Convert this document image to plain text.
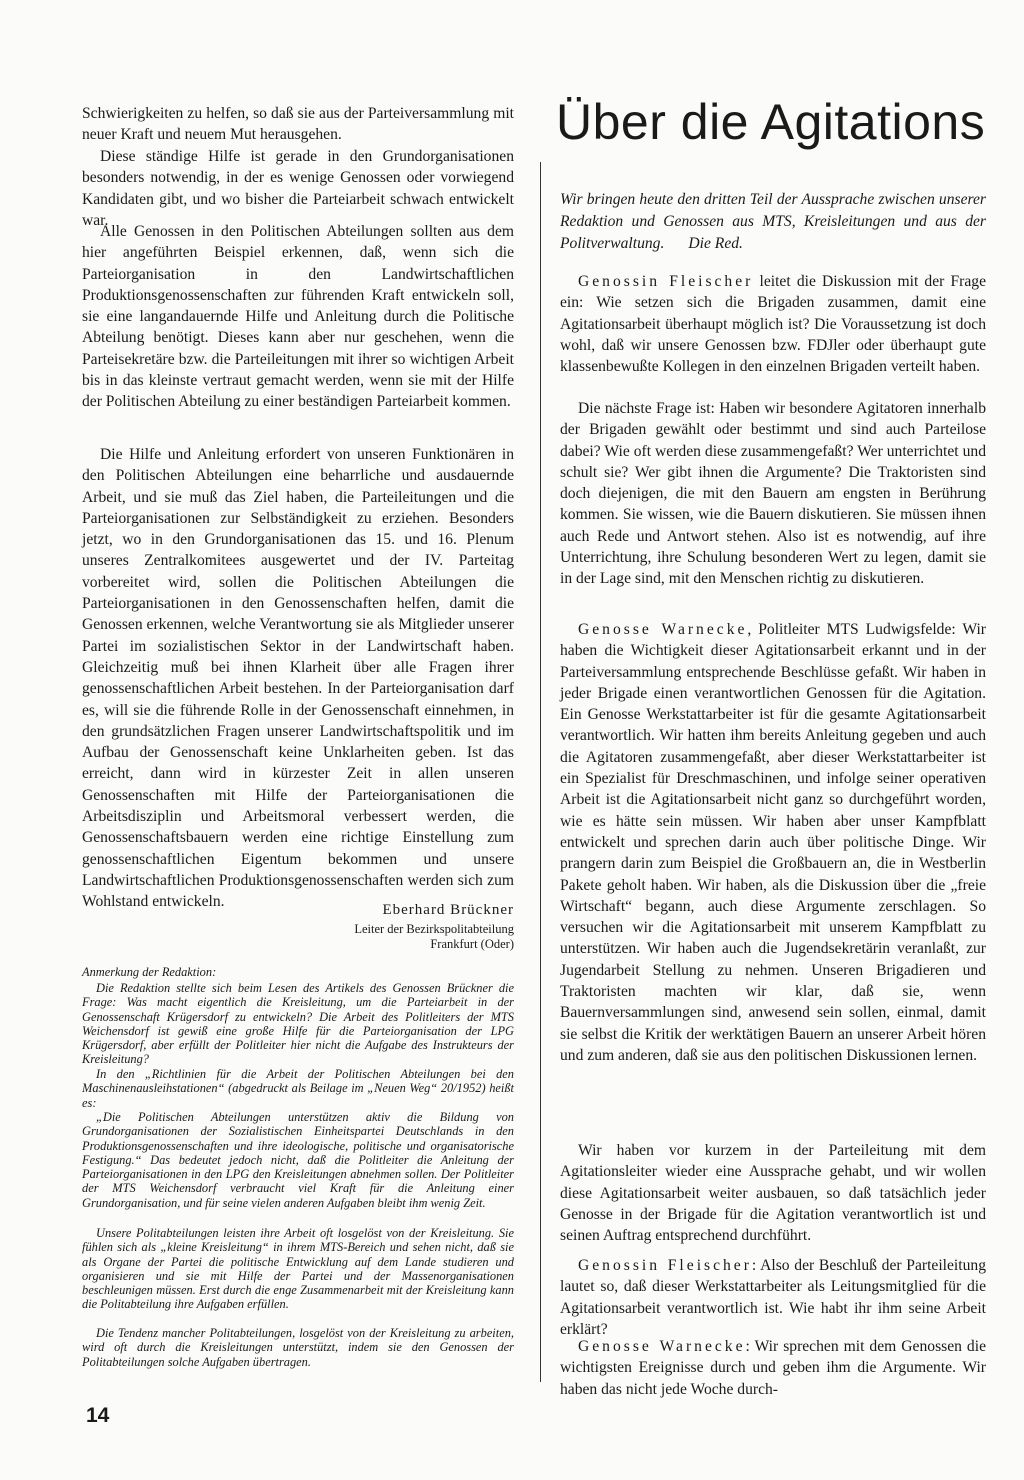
Schwierigkeiten zu helfen, so daß sie aus der Parteiversammlung mit neuer Kraft und neuem Mut herausgehen.

Diese ständige Hilfe ist gerade in den Grundorganisationen besonders notwendig, in der es wenige Genossen oder vorwiegend Kandidaten gibt, und wo bisher die Parteiarbeit schwach entwickelt war.

Alle Genossen in den Politischen Abteilungen sollten aus dem hier angeführten Beispiel erkennen, daß, wenn sich die Parteiorganisation in den Landwirtschaftlichen Produktionsgenossenschaften zur führenden Kraft entwickeln soll, sie eine langandauernde Hilfe und Anleitung durch die Politische Abteilung benötigt. Dieses kann aber nur geschehen, wenn die Parteisekretäre bzw. die Parteileitungen mit ihrer so wichtigen Arbeit bis in das kleinste vertraut gemacht werden, wenn sie mit der Hilfe der Politischen Abteilung zu einer beständigen Parteiarbeit kommen.

Die Hilfe und Anleitung erfordert von unseren Funktionären in den Politischen Abteilungen eine beharrliche und ausdauernde Arbeit, und sie muß das Ziel haben, die Parteileitungen und die Parteiorganisationen zur Selbständigkeit zu erziehen. Besonders jetzt, wo in den Grundorganisationen das 15. und 16. Plenum unseres Zentralkomitees ausgewertet und der IV. Parteitag vorbereitet wird, sollen die Politischen Abteilungen die Parteiorganisationen in den Genossenschaften helfen, damit die Genossen erkennen, welche Verantwortung sie als Mitglieder unserer Partei im sozialistischen Sektor in der Landwirtschaft haben. Gleichzeitig muß bei ihnen Klarheit über alle Fragen ihrer genossenschaftlichen Arbeit bestehen. In der Parteiorganisation darf es, will sie die führende Rolle in der Genossenschaft einnehmen, in den grundsätzlichen Fragen unserer Landwirtschaftspolitik und im Aufbau der Genossenschaft keine Unklarheiten geben. Ist das erreicht, dann wird in kürzester Zeit in allen unseren Genossenschaften mit Hilfe der Parteiorganisationen die Arbeitsdisziplin und Arbeitsmoral verbessert werden, die Genossenschaftsbauern werden eine richtige Einstellung zum genossenschaftlichen Eigentum bekommen und unsere Landwirtschaftlichen Produktionsgenossenschaften werden sich zum Wohlstand entwickeln.	Eberhard Brückner

Leiter der Bezirkspolitabteilung

Frankfurt (Oder)

Anmerkung der Redaktion:

Die Redaktion stellte sich beim Lesen des Artikels des Genossen Brückner die Frage: Was macht eigentlich die Kreisleitung, um die Parteiarbeit in der Genossenschaft Krügersdorf zu entwickeln? Die Arbeit des Politleiters der MTS Weichensdorf ist gewiß eine große Hilfe für die Parteiorganisation der LPG Krügersdorf, aber erfüllt der Politleiter hier nicht die Aufgabe des Instrukteurs der Kreisleitung?

In den „Richtlinien für die Arbeit der Politischen Abteilungen bei den Maschinenausleihstationen“ (abgedruckt als Beilage im „Neuen Weg“ 20/1952) heißt es:

„Die Politischen Abteilungen unterstützen aktiv die Bildung von Grundorganisationen der Sozialistischen Einheitspartei Deutschlands in den Produktionsgenossenschaften und ihre ideologische, politische und organisatorische Festigung.“ Das bedeutet jedoch nicht, daß die Politleiter die Anleitung der Parteiorganisationen in den LPG den Kreisleitungen abnehmen sollen. Der Politleiter der MTS Weichensdorf verbraucht viel Kraft für die Anleitung einer Grundorganisation, und für seine vielen anderen Aufgaben bleibt ihm wenig Zeit.

Unsere Politabteilungen leisten ihre Arbeit oft losgelöst von der Kreisleitung. Sie fühlen sich als „kleine Kreisleitung“ in ihrem MTS-Bereich und sehen nicht, daß sie als Organe der Partei die politische Entwicklung auf dem Lande studieren und organisieren und sie mit Hilfe der Partei und der Massenorganisationen beschleunigen müssen. Erst durch die enge Zusammenarbeit mit der Kreisleitung kann die Politabteilung ihre Aufgaben erfüllen.

Die Tendenz mancher Politabteilungen, losgelöst von der Kreisleitung zu arbeiten, wird oft durch die Kreisleitungen unterstützt, indem sie den Genossen der Politabteilungen solche Aufgaben übertragen.

Über die Agitations

Wir bringen heute den dritten Teil der Aussprache zwischen unserer Redaktion und Genossen aus MTS, Kreisleitungen und aus der Politverwaltung. Die Red.

Genossin Fleischer leitet die Diskussion mit der Frage ein: Wie setzen sich die Brigaden zusammen, damit eine Agitationsarbeit überhaupt möglich ist? Die Voraussetzung ist doch wohl, daß wir unsere Genossen bzw. FDJler oder überhaupt gute klassenbewußte Kollegen in den einzelnen Brigaden verteilt haben.

Die nächste Frage ist: Haben wir besondere Agitatoren innerhalb der Brigaden gewählt oder bestimmt und sind auch Parteilose dabei? Wie oft werden diese zusammengefaßt? Wer unterrichtet und schult sie? Wer gibt ihnen die Argumente? Die Traktoristen sind doch diejenigen, die mit den Bauern am engsten in Berührung kommen. Sie wissen, wie die Bauern diskutieren. Sie müssen ihnen auch Rede und Antwort stehen. Also ist es notwendig, auf ihre Unterrichtung, ihre Schulung besonderen Wert zu legen, damit sie in der Lage sind, mit den Menschen richtig zu diskutieren.

Genosse Warnecke, Politleiter MTS Ludwigsfelde: Wir haben die Wichtigkeit dieser Agitationsarbeit erkannt und in der Parteiversammlung entsprechende Beschlüsse gefaßt. Wir haben in jeder Brigade einen verantwortlichen Genossen für die Agitation. Ein Genosse Werkstattarbeiter ist für die gesamte Agitationsarbeit verantwortlich. Wir hatten ihm bereits Anleitung gegeben und auch die Agitatoren zusammengefaßt, aber dieser Werkstattarbeiter ist ein Spezialist für Dreschmaschinen, und infolge seiner operativen Arbeit ist die Agitationsarbeit nicht ganz so durchgeführt worden, wie es hätte sein müssen. Wir haben aber unser Kampfblatt entwickelt und sprechen darin auch über politische Dinge. Wir prangern darin zum Beispiel die Großbauern an, die in Westberlin Pakete geholt haben. Wir haben, als die Diskussion über die „freie Wirtschaft“ begann, auch diese Argumente zerschlagen. So versuchen wir die Agitationsarbeit mit unserem Kampfblatt zu unterstützen. Wir haben auch die Jugendsekretärin veranlaßt, zur Jugendarbeit Stellung zu nehmen. Unseren Brigadieren und Traktoristen machten wir klar, daß sie, wenn Bauernversammlungen sind, anwesend sein sollen, einmal, damit sie selbst die Kritik der werktätigen Bauern an unserer Arbeit hören und zum anderen, daß sie aus den politischen Diskussionen lernen.

Wir haben vor kurzem in der Parteileitung mit dem Agitationsleiter wieder eine Aussprache gehabt, und wir wollen diese Agitationsarbeit weiter ausbauen, so daß tatsächlich jeder Genosse in der Brigade für die Agitation verantwortlich ist und seinen Auftrag entsprechend durchführt.

Genossin Fleischer: Also der Beschluß der Parteileitung lautet so, daß dieser Werkstattarbeiter als Leitungsmitglied für die Agitationsarbeit verantwortlich ist. Wie habt ihr ihm seine Arbeit erklärt?

Genosse Warnecke: Wir sprechen mit dem Genossen die wichtigsten Ereignisse durch und geben ihm die Argumente. Wir haben das nicht jede Woche durch-

14
